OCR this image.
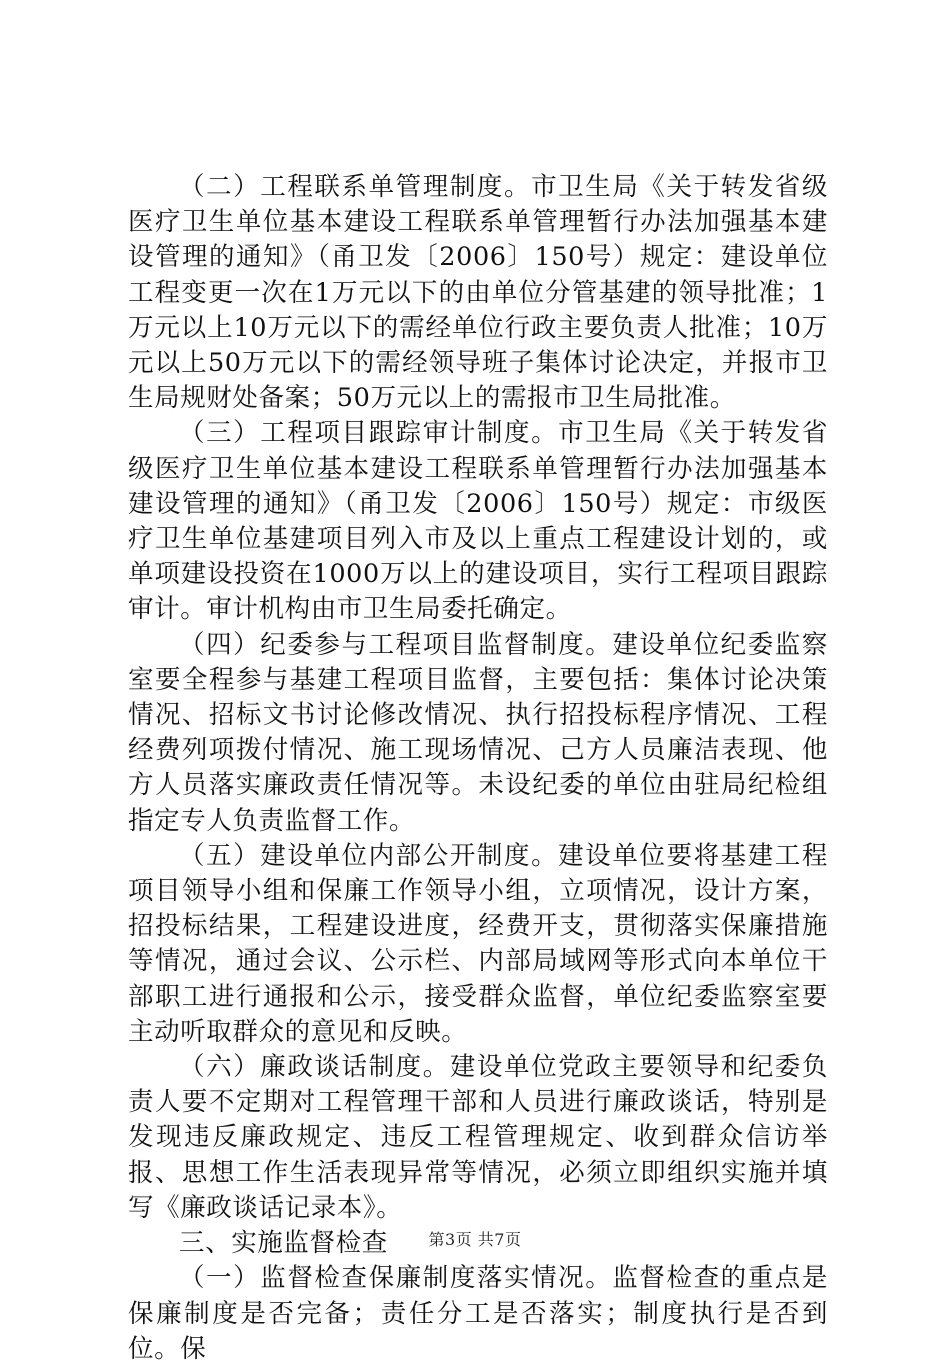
（二）工程联系单管理制度。市卫生局《关于转发省级医疗卫生单位基本建设工程联系单管理暂行办法加强基本建设管理的通知》（甬卫发〔2006〕150号）规定：建设单位工程变更一次在1万元以下的由单位分管基建的领导批准；1万元以上10万元以下的需经单位行政主要负责人批准；10万元以上50万元以下的需经领导班子集体讨论决定，并报市卫生局规财处备案；50万元以上的需报市卫生局批准。

（三）工程项目跟踪审计制度。市卫生局《关于转发省级医疗卫生单位基本建设工程联系单管理暂行办法加强基本建设管理的通知》（甬卫发〔2006〕150号）规定：市级医疗卫生单位基建项目列入市及以上重点工程建设计划的，或单项建设投资在1000万以上的建设项目，实行工程项目跟踪审计。审计机构由市卫生局委托确定。

（四）纪委参与工程项目监督制度。建设单位纪委监察室要全程参与基建工程项目监督，主要包括：集体讨论决策情况、招标文书讨论修改情况、执行招投标程序情况、工程经费列项拨付情况、施工现场情况、己方人员廉洁表现、他方人员落实廉政责任情况等。未设纪委的单位由驻局纪检组指定专人负责监督工作。

（五）建设单位内部公开制度。建设单位要将基建工程项目领导小组和保廉工作领导小组，立项情况，设计方案，招投标结果，工程建设进度，经费开支，贯彻落实保廉措施等情况，通过会议、公示栏、内部局域网等形式向本单位干部职工进行通报和公示，接受群众监督，单位纪委监察室要主动听取群众的意见和反映。

（六）廉政谈话制度。建设单位党政主要领导和纪委负责人要不定期对工程管理干部和人员进行廉政谈话，特别是发现违反廉政规定、违反工程管理规定、收到群众信访举报、思想工作生活表现异常等情况，必须立即组织实施并填写《廉政谈话记录本》。

三、实施监督检查

（一）监督检查保廉制度落实情况。监督检查的重点是保廉制度是否完备；责任分工是否落实；制度执行是否到位。保

第3页 共7页
